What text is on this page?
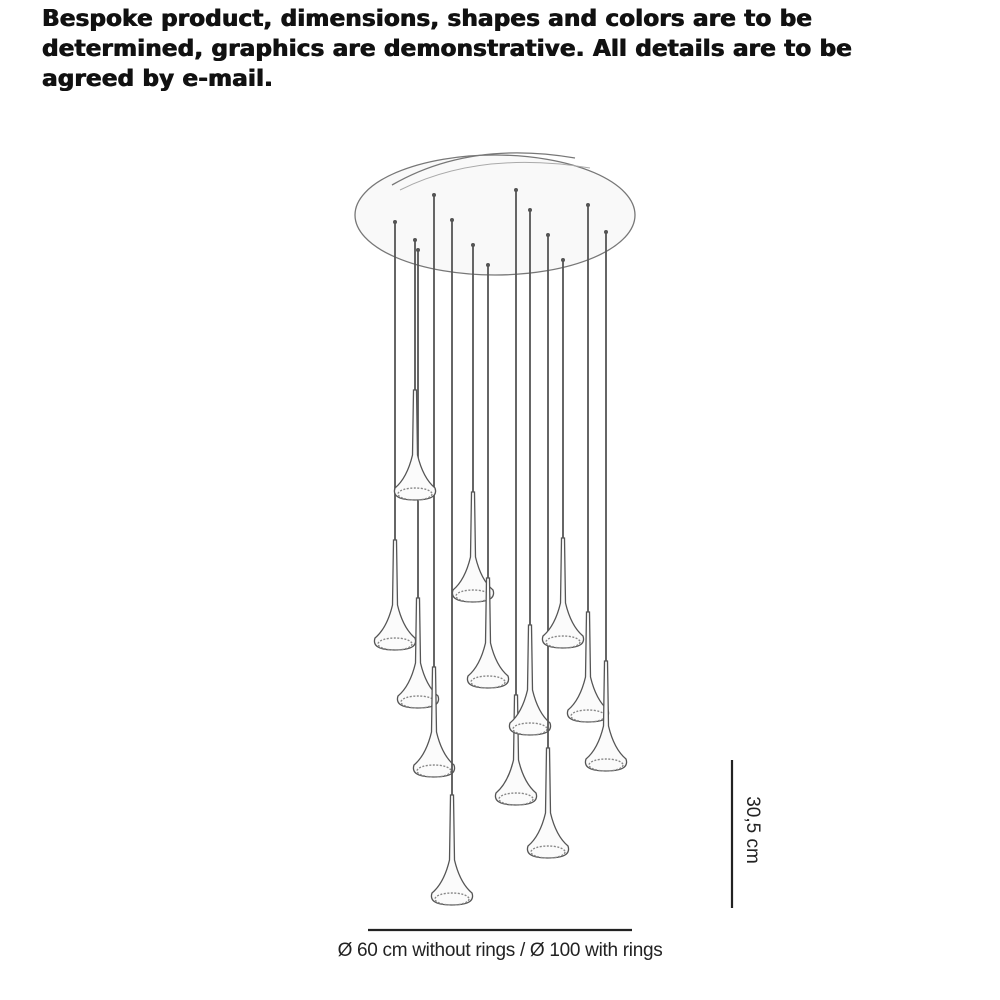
Bespoke product, dimensions, shapes and colors are to be determined, graphics are demonstrative. All details are to be agreed by e-mail.
Ø 60 cm without rings / Ø 100 with rings
30,5 cm
